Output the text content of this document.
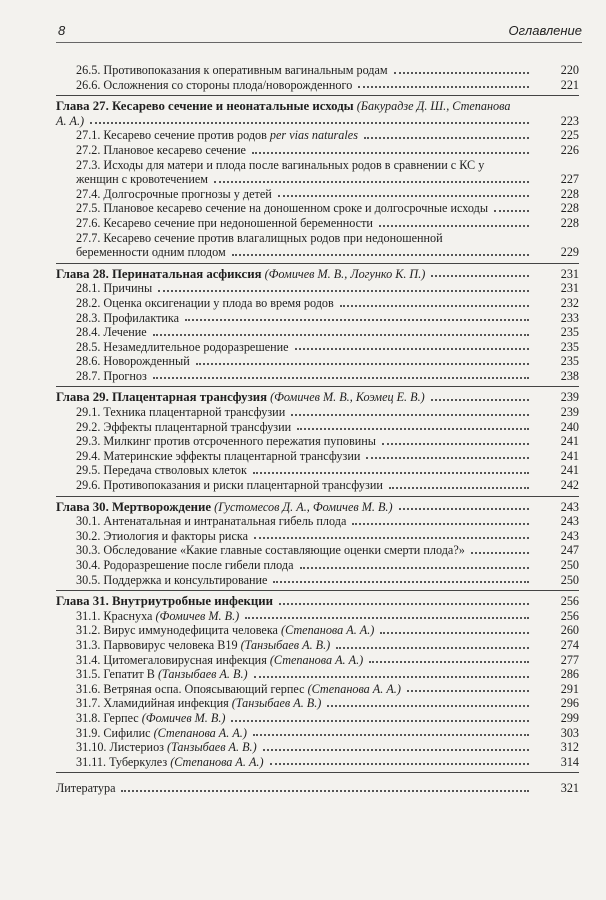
8	Оглавление
26.5. Противопоказания к оперативным вагинальным родам	220
26.6. Осложнения со стороны плода/новорожденного	221
Глава 27. Кесарево сечение и неонатальные исходы (Бакурадзе Д. Ш., Степанова А. А.)	223
27.1. Кесарево сечение против родов per vias naturales	225
27.2. Плановое кесарево сечение	226
27.3. Исходы для матери и плода после вагинальных родов в сравнении с КС у женщин с кровотечением	227
27.4. Долгосрочные прогнозы у детей	228
27.5. Плановое кесарево сечение на доношенном сроке и долгосрочные исходы	228
27.6. Кесарево сечение при недоношенной беременности	228
27.7. Кесарево сечение против влагалищных родов при недоношенной беременности одним плодом	229
Глава 28. Перинатальная асфиксия (Фомичев М. В., Логунко К. П.)	231
28.1. Причины	231
28.2. Оценка оксигенации у плода во время родов	232
28.3. Профилактика	233
28.4. Лечение	235
28.5. Незамедлительное родоразрешение	235
28.6. Новорожденный	235
28.7. Прогноз	238
Глава 29. Плацентарная трансфузия (Фомичев М. В., Коэмец Е. В.)	239
29.1. Техника плацентарной трансфузии	239
29.2. Эффекты плацентарной трансфузии	240
29.3. Милкинг против отсроченного пережатия пуповины	241
29.4. Материнские эффекты плацентарной трансфузии	241
29.5. Передача стволовых клеток	241
29.6. Противопоказания и риски плацентарной трансфузии	242
Глава 30. Мертворождение (Густомесов Д. А., Фомичев М. В.)	243
30.1. Антенатальная и интранатальная гибель плода	243
30.2. Этиология и факторы риска	243
30.3. Обследование «Какие главные составляющие оценки смерти плода?»	247
30.4. Родоразрешение после гибели плода	250
30.5. Поддержка и консультирование	250
Глава 31. Внутриутробные инфекции	256
31.1. Краснуха (Фомичев М. В.)	256
31.2. Вирус иммунодефицита человека (Степанова А. А.)	260
31.3. Парвовирус человека В19 (Танзыбаев А. В.)	274
31.4. Цитомегаловирусная инфекция (Степанова А. А.)	277
31.5. Гепатит В (Танзыбаев А. В.)	286
31.6. Ветряная оспа. Опоясывающий герпес (Степанова А. А.)	291
31.7. Хламидийная инфекция (Танзыбаев А. В.)	296
31.8. Герпес (Фомичев М. В.)	299
31.9. Сифилис (Степанова А. А.)	303
31.10. Листериоз (Танзыбаев А. В.)	312
31.11. Туберкулез (Степанова А. А.)	314
Литература	321
